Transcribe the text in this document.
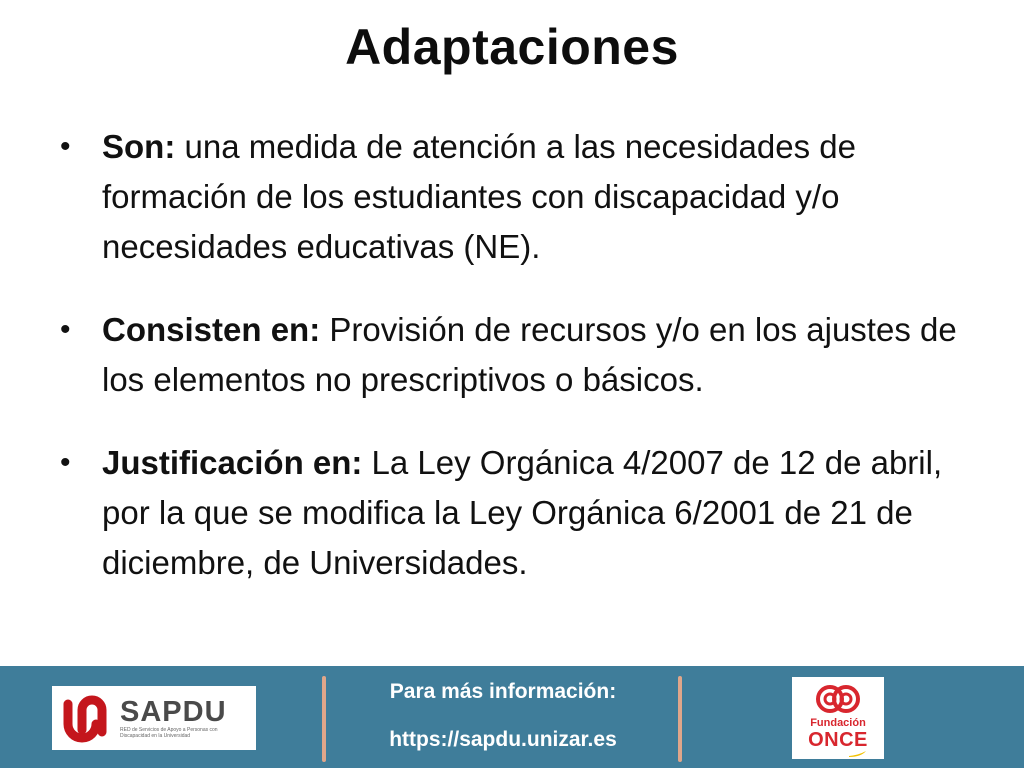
Adaptaciones
• Son: una medida de atención a las necesidades de formación de los estudiantes con discapacidad y/o necesidades educativas (NE).
• Consisten en: Provisión de recursos y/o en los ajustes de los elementos no prescriptivos o básicos.
• Justificación en: La Ley Orgánica 4/2007 de 12 de abril, por la que se modifica la Ley Orgánica 6/2001 de 21 de diciembre, de Universidades.
SAPDU
RED de Servicios de Apoyo a Personas con Discapacidad en la Universidad
Para más información:
https://sapdu.unizar.es
Fundación
ONCE
